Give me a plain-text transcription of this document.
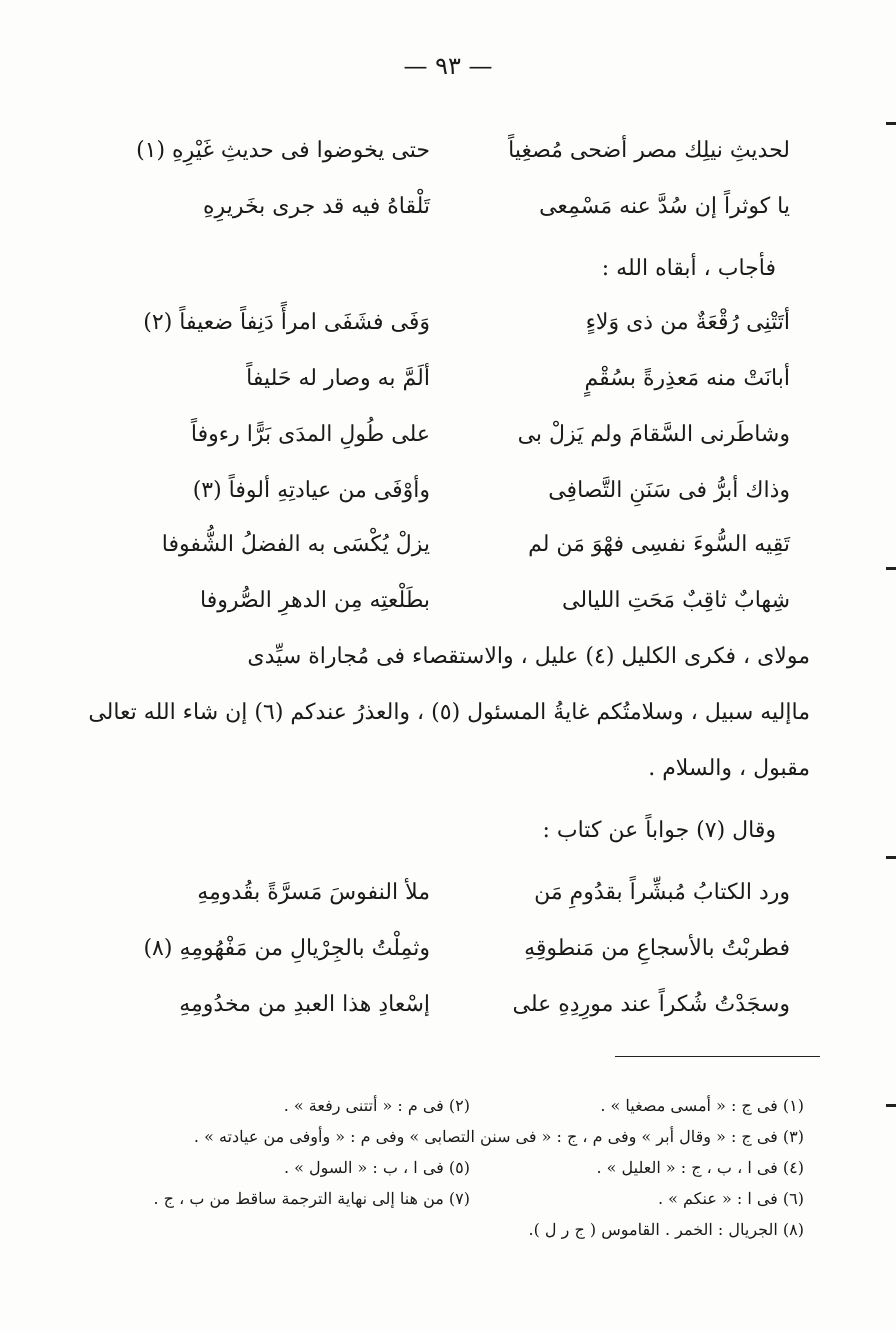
— ٩٣ —
لحديثِ نيلِك مصر أضحى مُصغِياً
حتى يخوضوا فى حديثِ غَيْرِهِ (١)
يا كوثراً إن سُدَّ عنه مَسْمِعى
تَلْقاهُ فيه قد جرى بخَريرِهِ
فأجاب ، أبقاه الله :
أتَتْنِى رُقْعَةٌ من ذى وَلاءٍ
وَفَى فشَفَى امرأً دَنِفاً ضعيفاً (٢)
أبانَتْ منه مَعذِرةً بسُقْمٍ
ألَمَّ به وصار له حَليفاً
وشاطَرنى السَّقامَ ولم يَزلْ بى
على طُولِ المدَى بَرًّا رءوفاً
وذاك أبرُّ فى سَنَنِ التَّصافِى
وأوْفَى من عيادتِهِ ألوفاً (٣)
تَقِيه السُّوءَ نفسِى فهْوَ مَن لم
يزلْ يُكْسَى به الفضلُ الشُّفوفا
شِهابٌ ثاقِبٌ مَحَتِ الليالى
بطَلْعتِه مِن الدهرِ الصُّروفا
مولاى ، فكرى الكليل (٤) عليل ، والاستقصاء فى مُجاراة سيِّدى
ماإليه سبيل ، وسلامتُكم غايةُ المسئول (٥) ، والعذرُ عندكم (٦) إن شاء الله تعالى
مقبول ، والسلام .
وقال (٧) جواباً عن كتاب :
ورد الكتابُ مُبشِّراً بقدُومِ مَن
ملأ النفوسَ مَسرَّةً بقُدومِهِ
فطربْتُ بالأسجاعِ من مَنطوقِهِ
وثمِلْتُ بالجِرْيالِ من مَفْهُومِهِ (٨)
وسجَدْتُ شُكراً عند مورِدِهِ على
إسْعادِ هذا العبدِ من مخدُومِهِ
(١) فى ج : « أمسى مصغيا » .
(٢) فى م : « أتتنى رفعة » .
(٣) فى ج : « وقال أبر » وفى م ، ج : « فى سنن التصابى » وفى م : « وأوفى من عيادته » .
(٤) فى ا ، ب ، ج : « العليل » .
(٥) فى ا ، ب : « السول » .
(٦) فى ا : « عنكم » .
(٧) من هنا إلى نهاية الترجمة ساقط من ب ، ج .
(٨) الجريال : الخمر . القاموس ( ج ر ل ).
